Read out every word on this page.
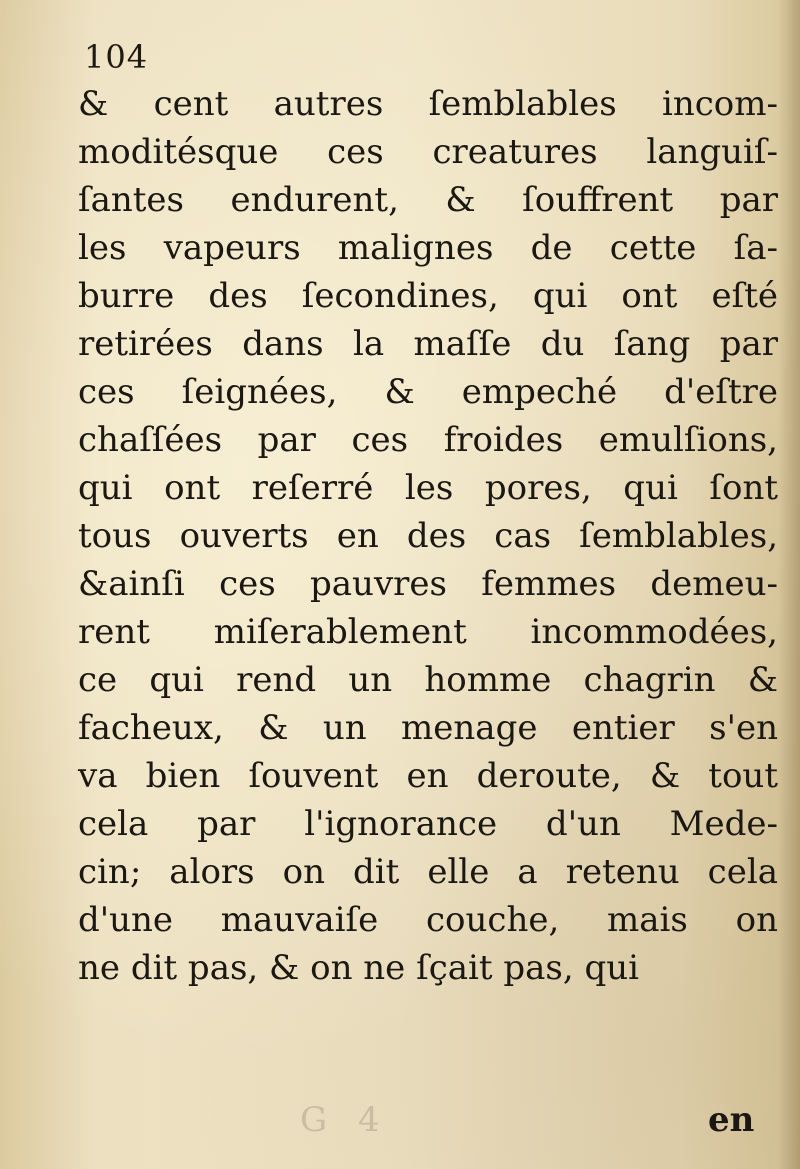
104
& cent autres ſemblables incom-
moditésque ces creatures languiſ-
ſantes endurent, & ſouffrent par
les vapeurs malignes de cette ſa-
burre des ſecondines, qui ont eſté
retirées dans la maſſe du ſang par
ces ſeignées, & empeché d'eſtre
chaſſées par ces froides emulſions,
qui ont reſerré les pores, qui ſont
tous ouverts en des cas ſemblables,
&ainſi ces pauvres femmes demeu-
rent miſerablement incommodées,
ce qui rend un homme chagrin &
facheux, & un menage entier s'en
va bien ſouvent en deroute, & tout
cela par l'ignorance d'un Mede-
cin; alors on dit elle a retenu cela
d'une mauvaiſe couche, mais on
ne dit pas, & on ne ſçait pas, qui
G 4	en
